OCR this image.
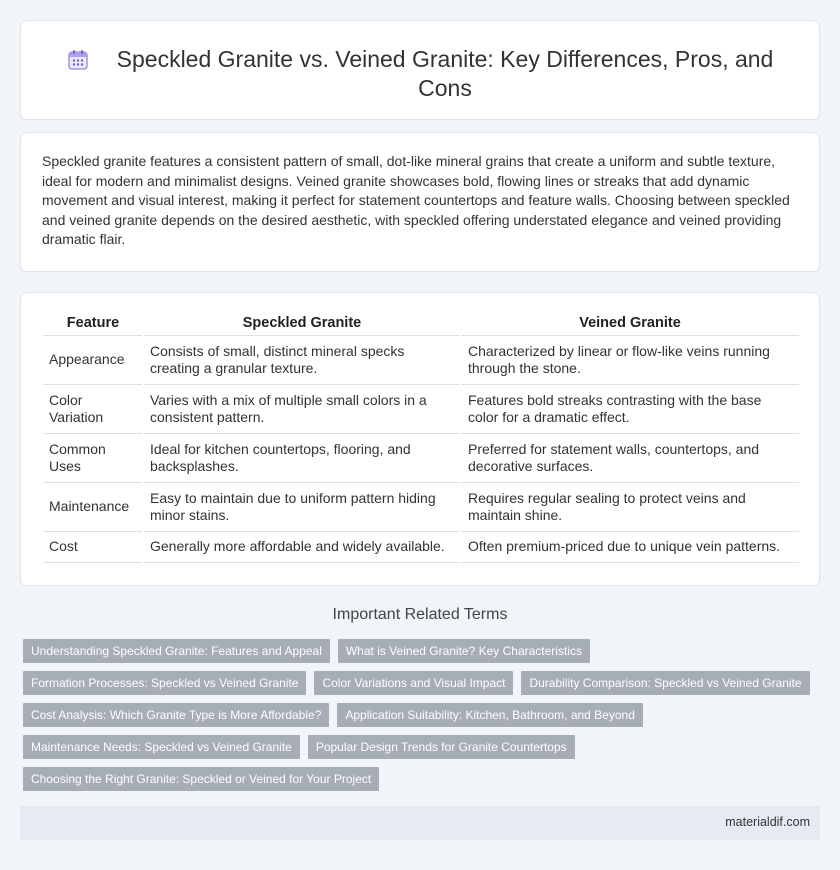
Speckled Granite vs. Veined Granite: Key Differences, Pros, and Cons

Speckled granite features a consistent pattern of small, dot-like mineral grains that create a uniform and subtle texture, ideal for modern and minimalist designs. Veined granite showcases bold, flowing lines or streaks that add dynamic movement and visual interest, making it perfect for statement countertops and feature walls. Choosing between speckled and veined granite depends on the desired aesthetic, with speckled offering understated elegance and veined providing dramatic flair.

Feature	Speckled Granite	Veined Granite
Appearance	Consists of small, distinct mineral specks creating a granular texture.	Characterized by linear or flow-like veins running through the stone.
Color Variation	Varies with a mix of multiple small colors in a consistent pattern.	Features bold streaks contrasting with the base color for a dramatic effect.
Common Uses	Ideal for kitchen countertops, flooring, and backsplashes.	Preferred for statement walls, countertops, and decorative surfaces.
Maintenance	Easy to maintain due to uniform pattern hiding minor stains.	Requires regular sealing to protect veins and maintain shine.
Cost	Generally more affordable and widely available.	Often premium-priced due to unique vein patterns.
Important Related Terms
Understanding Speckled Granite: Features and Appeal	What is Veined Granite? Key Characteristics
Formation Processes: Speckled vs Veined Granite	Color Variations and Visual Impact	Durability Comparison: Speckled vs Veined Granite
Cost Analysis: Which Granite Type is More Affordable?	Application Suitability: Kitchen, Bathroom, and Beyond
Maintenance Needs: Speckled vs Veined Granite	Popular Design Trends for Granite Countertops
Choosing the Right Granite: Speckled or Veined for Your Project
materialdif.com
